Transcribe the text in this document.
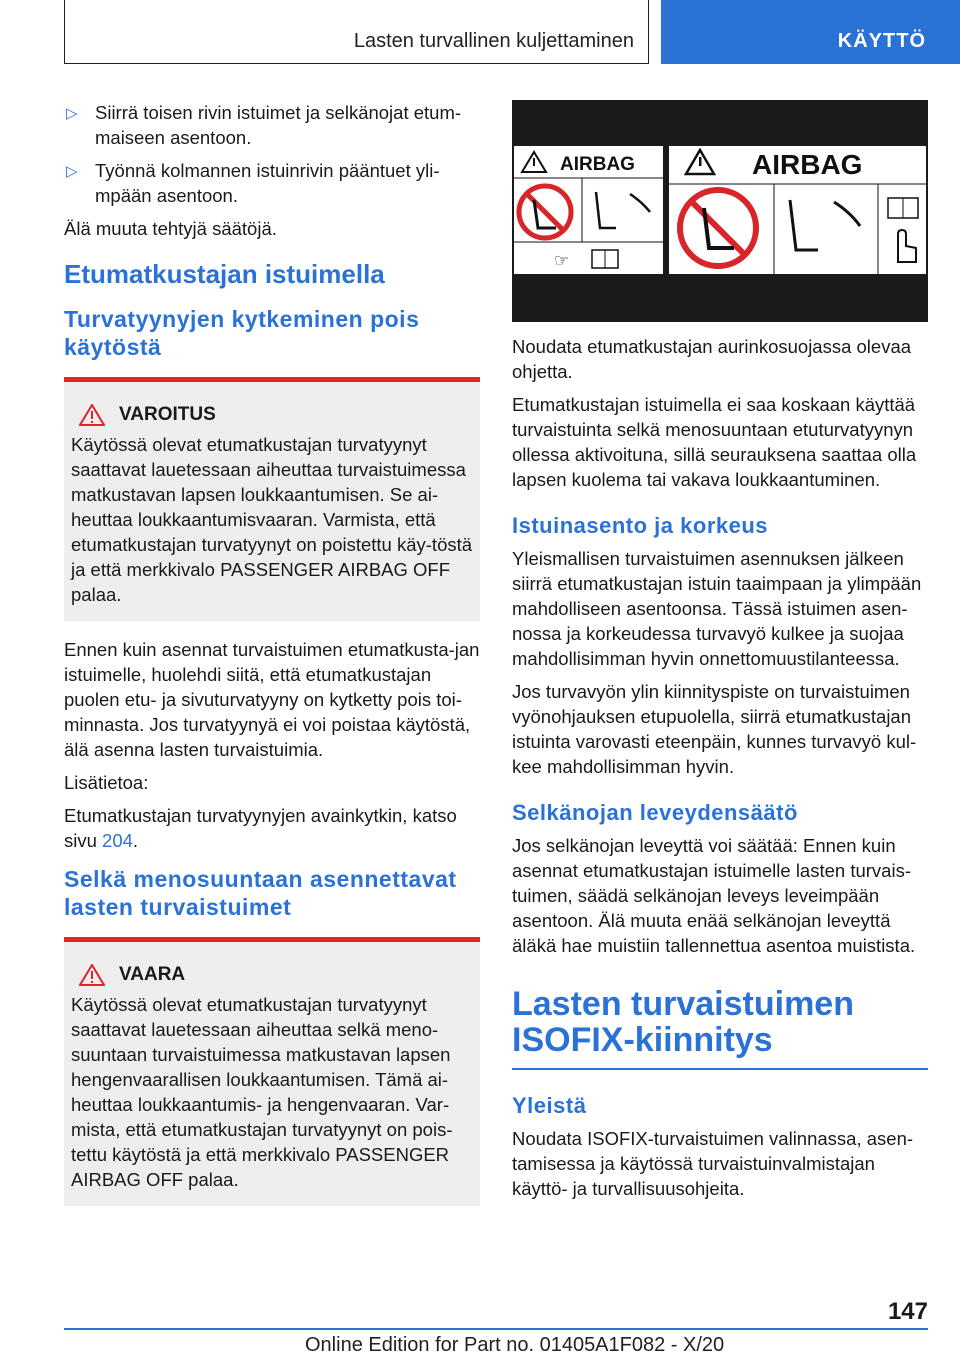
Lasten turvallinen kuljettaminen	KÄYTTÖ

▷ Siirrä toisen rivin istuimet ja selkänojat etum-maiseen asentoon.

▷ Työnnä kolmannen istuinrivin pääntuet yli-mpään asentoon.

Älä muuta tehtyjä säätöjä.

Etumatkustajan istuimella
Turvatyynyjen kytkeminen pois käytöstä
VAROITUS

Käytössä olevat etumatkustajan turvatyynyt saattavat lauetessaan aiheuttaa turvaistuimessa matkustavan lapsen loukkaantumisen. Se ai-heuttaa loukkaantumisvaaran. Varmista, että etumatkustajan turvatyynyt on poistettu käy-töstä ja että merkkivalo PASSENGER AIRBAG OFF palaa.

Ennen kuin asennat turvaistuimen etumatkusta-jan istuimelle, huolehdi siitä, että etumatkustajan puolen etu- ja sivuturvatyyny on kytketty pois toi-minnasta. Jos turvatyynyä ei voi poistaa käytöstä, älä asenna lasten turvaistuimia.

Lisätietoa:

Etumatkustajan turvatyynyjen avainkytkin, katso sivu 204.

Selkä menosuuntaan asennettavat lasten turvaistuimet
VAARA

Käytössä olevat etumatkustajan turvatyynyt saattavat lauetessaan aiheuttaa selkä meno-suuntaan turvaistuimessa matkustavan lapsen hengenvaarallisen loukkaantumisen. Tämä ai-heuttaa loukkaantumis- ja hengenvaaran. Var-mista, että etumatkustajan turvatyynyt on pois-tettu käytöstä ja että merkkivalo PASSENGER AIRBAG OFF palaa.

AIRBAG
☞
AIRBAG

Noudata etumatkustajan aurinkosuojassa olevaa ohjetta.

Etumatkustajan istuimella ei saa koskaan käyttää turvaistuinta selkä menosuuntaan etuturvatyynyn ollessa aktivoituna, sillä seurauksena saattaa olla lapsen kuolema tai vakava loukkaantuminen.

Istuinasento ja korkeus

Yleismallisen turvaistuimen asennuksen jälkeen siirrä etumatkustajan istuin taaimpaan ja ylimpään mahdolliseen asentoonsa. Tässä istuimen asen-nossa ja korkeudessa turvavyö kulkee ja suojaa mahdollisimman hyvin onnettomuustilanteessa.

Jos turvavyön ylin kiinnityspiste on turvaistuimen vyönohjauksen etupuolella, siirrä etumatkustajan istuinta varovasti eteenpäin, kunnes turvavyö kul-kee mahdollisimman hyvin.

Selkänojan leveydensäätö

Jos selkänojan leveyttä voi säätää: Ennen kuin asennat etumatkustajan istuimelle lasten turvais-tuimen, säädä selkänojan leveys leveimpään asentoon. Älä muuta enää selkänojan leveyttä äläkä hae muistiin tallennettua asentoa muistista.

Lasten turvaistuimen ISOFIX-kiinnitys
Yleistä

Noudata ISOFIX-turvaistuimen valinnassa, asen-tamisessa ja käytössä turvaistuinvalmistajan käyttö- ja turvallisuusohjeita.

147
Online Edition for Part no. 01405A1F082 - X/20
